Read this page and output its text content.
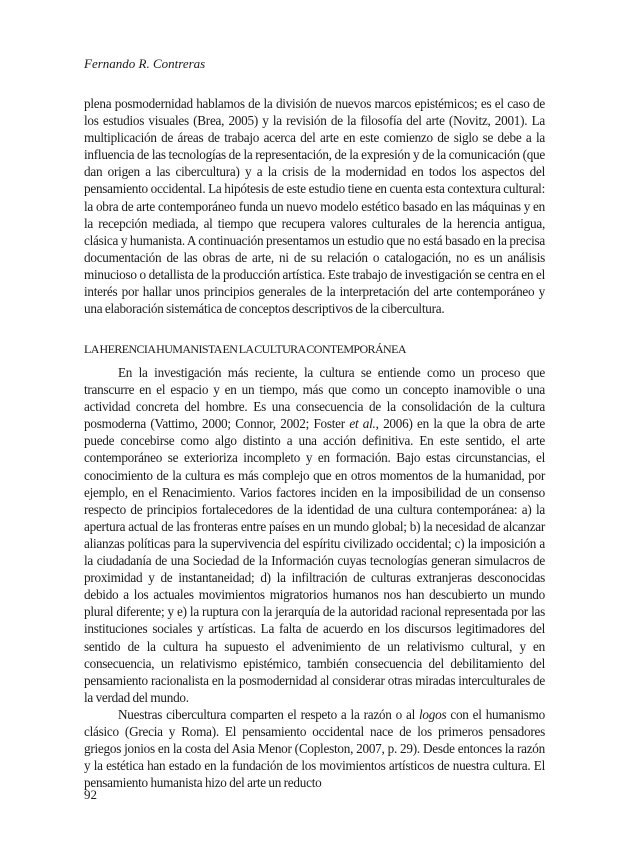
Fernando R. Contreras

plena posmodernidad hablamos de la división de nuevos marcos epistémicos; es el caso de los estudios visuales (Brea, 2005) y la revisión de la filosofía del arte (Novitz, 2001). La multiplicación de áreas de trabajo acerca del arte en este comienzo de siglo se debe a la influencia de las tecnologías de la representación, de la expresión y de la comunicación (que dan origen a las cibercultura) y a la crisis de la modernidad en todos los aspectos del pensamiento occidental. La hipótesis de este estudio tiene en cuenta esta contextura cultural: la obra de arte contemporáneo funda un nuevo modelo estético basado en las máquinas y en la recepción mediada, al tiempo que recupera valores culturales de la herencia antigua, clásica y humanista. A continuación presentamos un estudio que no está basado en la precisa documentación de las obras de arte, ni de su relación o catalogación, no es un análisis minucioso o detallista de la producción artística. Este trabajo de investigación se centra en el interés por hallar unos principios generales de la interpretación del arte contemporáneo y una elaboración sistemática de conceptos descriptivos de la cibercultura.

LA HERENCIA HUMANISTA EN LA CULTURA CONTEMPORÁNEA

En la investigación más reciente, la cultura se entiende como un proceso que transcurre en el espacio y en un tiempo, más que como un concepto inamovible o una actividad concreta del hombre. Es una consecuencia de la consolidación de la cultura posmoderna (Vattimo, 2000; Connor, 2002; Foster et al., 2006) en la que la obra de arte puede concebirse como algo distinto a una acción definitiva. En este sentido, el arte contemporáneo se exterioriza incompleto y en formación. Bajo estas circunstancias, el conocimiento de la cultura es más complejo que en otros momentos de la humanidad, por ejemplo, en el Renacimiento. Varios factores inciden en la imposibilidad de un consenso respecto de principios fortalecedores de la identidad de una cultura contemporánea: a) la apertura actual de las fronteras entre países en un mundo global; b) la necesidad de alcanzar alianzas políticas para la supervivencia del espíritu civilizado occidental; c) la imposición a la ciudadanía de una Sociedad de la Información cuyas tecnologías generan simulacros de proximidad y de instantaneidad; d) la infiltración de culturas extranjeras desconocidas debido a los actuales movimientos migratorios humanos nos han descubierto un mundo plural diferente; y e) la ruptura con la jerarquía de la autoridad racional representada por las instituciones sociales y artísticas. La falta de acuerdo en los discursos legitimadores del sentido de la cultura ha supuesto el advenimiento de un relativismo cultural, y en consecuencia, un relativismo epistémico, también consecuencia del debilitamiento del pensamiento racionalista en la posmodernidad al considerar otras miradas interculturales de la verdad del mundo.

Nuestras cibercultura comparten el respeto a la razón o al logos con el humanismo clásico (Grecia y Roma). El pensamiento occidental nace de los primeros pensadores griegos jonios en la costa del Asia Menor (Copleston, 2007, p. 29). Desde entonces la razón y la estética han estado en la fundación de los movimientos artísticos de nuestra cultura. El pensamiento humanista hizo del arte un reducto

92
